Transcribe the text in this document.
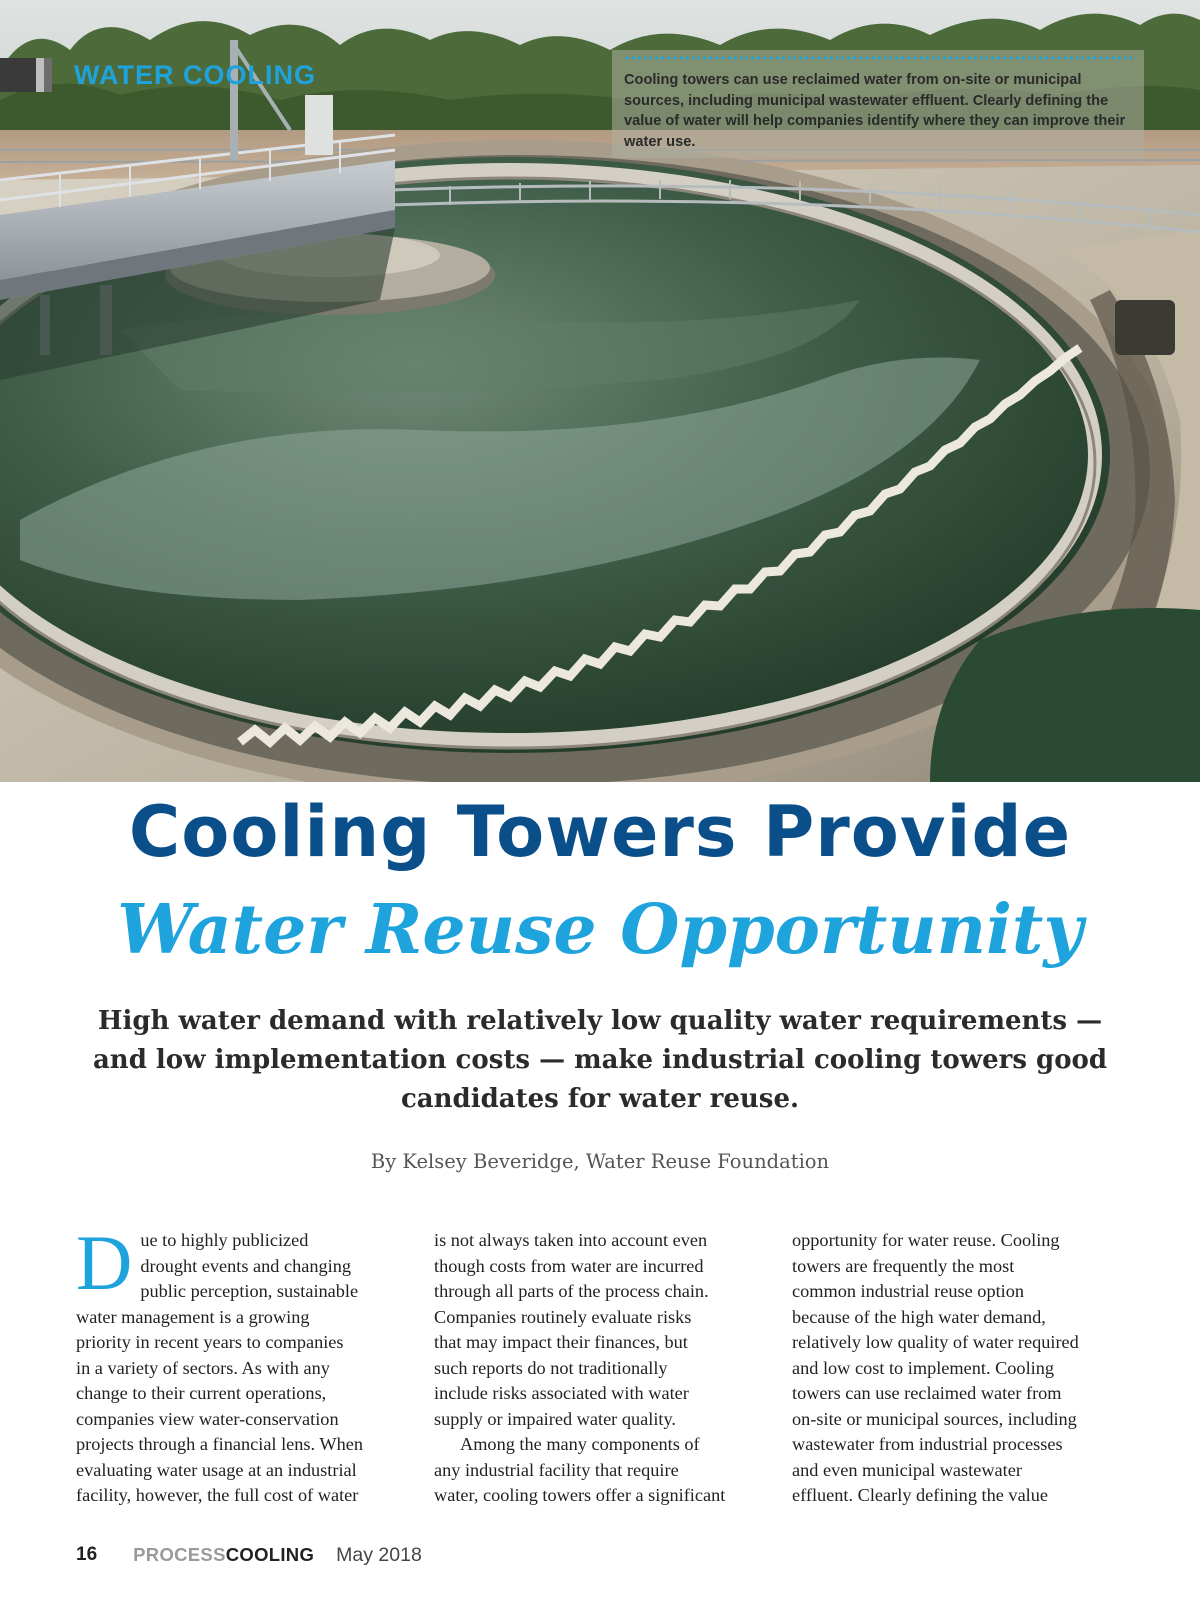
WATER COOLING	Cooling towers can use reclaimed water from on-site or municipal sources, including municipal wastewater effluent. Clearly defining the value of water will help companies identify where they can improve their water use.
Cooling Towers Provide
Water Reuse Opportunity
High water demand with relatively low quality water requirements —
and low implementation costs — make industrial cooling towers good
candidates for water reuse.
By Kelsey Beveridge, Water Reuse Foundation

D ue to highly publicized
drought events and changing
public perception, sustainable
water management is a growing
priority in recent years to companies
in a variety of sectors. As with any
change to their current operations,
companies view water-conservation
projects through a financial lens. When
evaluating water usage at an industrial
facility, however, the full cost of water

is not always taken into account even
though costs from water are incurred
through all parts of the process chain.
Companies routinely evaluate risks
that may impact their finances, but
such reports do not traditionally
include risks associated with water
supply or impaired water quality.

Among the many components of
any industrial facility that require
water, cooling towers offer a significant

opportunity for water reuse. Cooling
towers are frequently the most
common industrial reuse option
because of the high water demand,
relatively low quality of water required
and low cost to implement. Cooling
towers can use reclaimed water from
on-site or municipal sources, including
wastewater from industrial processes
and even municipal wastewater
effluent. Clearly defining the value

16 PROCESSCOOLING May 2018
